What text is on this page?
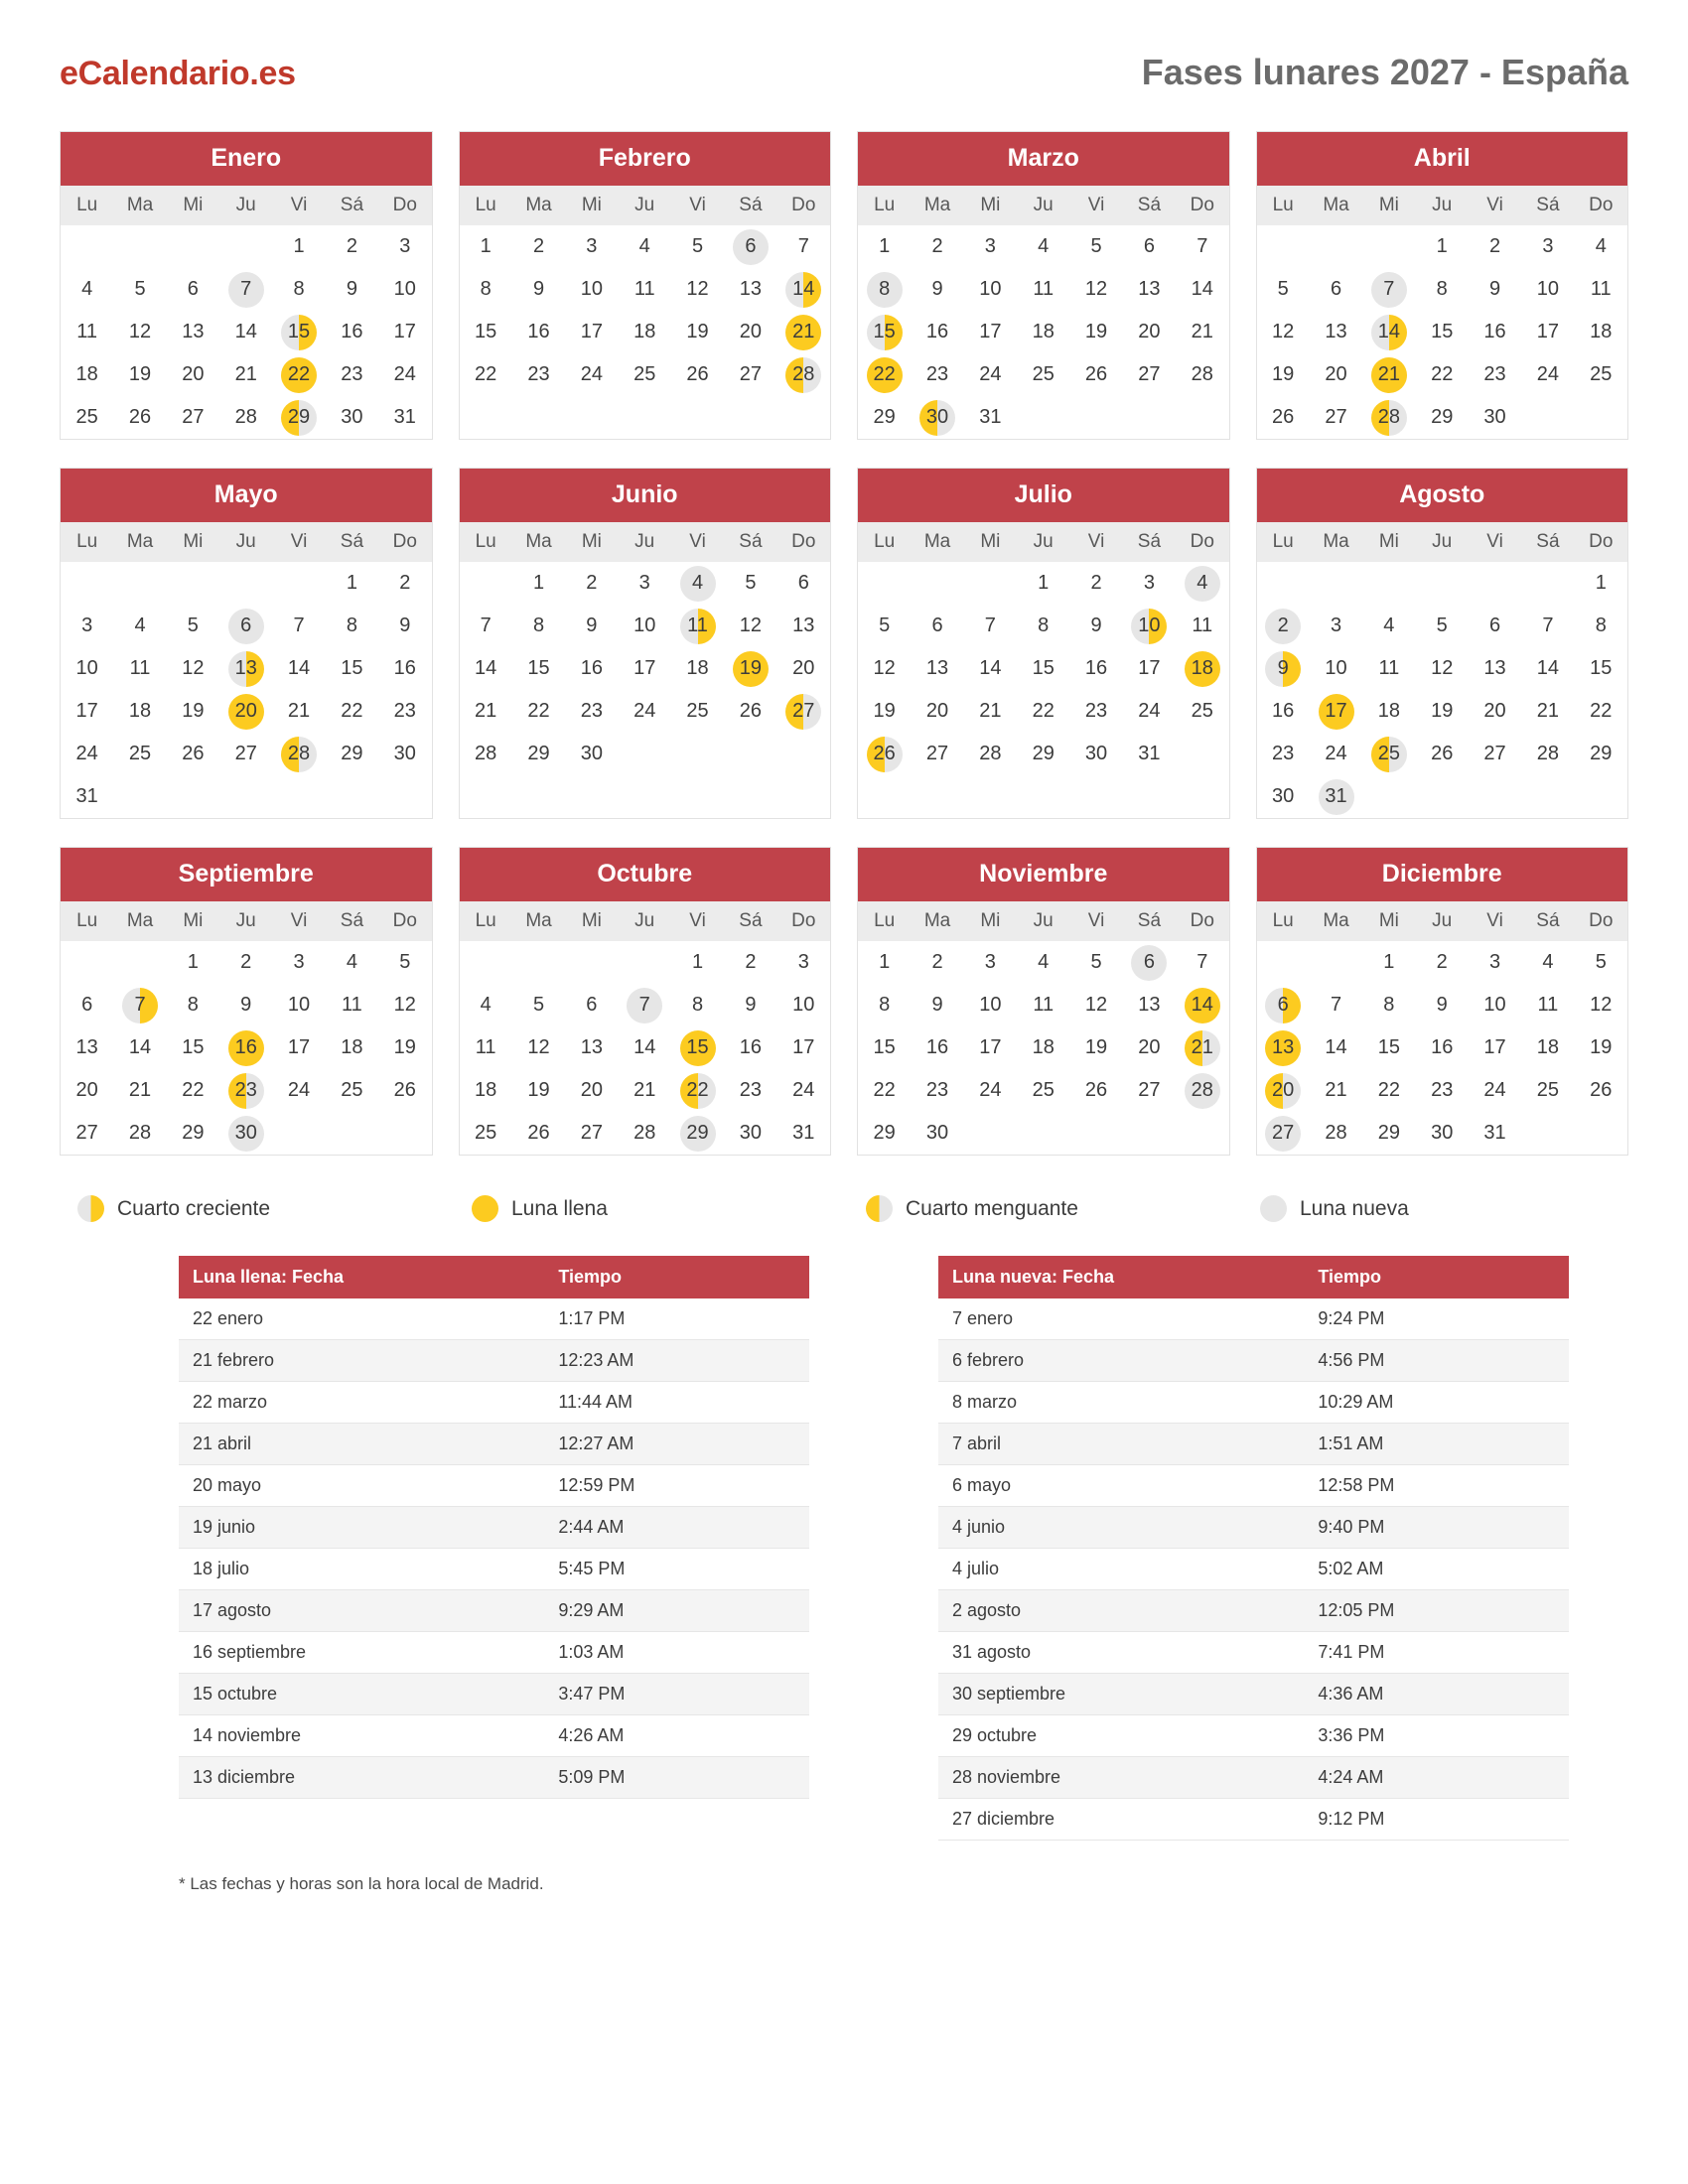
eCalendario.es	Fases lunares 2027 - España
Enero
Lu	Ma	Mi	Ju	Vi	Sá	Do

				1	2	3

4	5	6	7	8	9	10

11	12	13	14	15	16	17

18	19	20	21	22	23	24

25	26	27	28	29	30	31
Febrero
Lu	Ma	Mi	Ju	Vi	Sá	Do

1	2	3	4	5	6	7

8	9	10	11	12	13	14

15	16	17	18	19	20	21

22	23	24	25	26	27	28
Marzo
Lu	Ma	Mi	Ju	Vi	Sá	Do

1	2	3	4	5	6	7

8	9	10	11	12	13	14

15	16	17	18	19	20	21

22	23	24	25	26	27	28

29	30	31				

Abril
Lu	Ma	Mi	Ju	Vi	Sá	Do

			1	2	3	4

5	6	7	8	9	10	11

12	13	14	15	16	17	18

19	20	21	22	23	24	25

26	27	28	29	30		

Mayo
Lu	Ma	Mi	Ju	Vi	Sá	Do

					1	2

3	4	5	6	7	8	9

10	11	12	13	14	15	16

17	18	19	20	21	22	23

24	25	26	27	28	29	30

31						

Junio
Lu	Ma	Mi	Ju	Vi	Sá	Do

	1	2	3	4	5	6

7	8	9	10	11	12	13

14	15	16	17	18	19	20

21	22	23	24	25	26	27

28	29	30				

Julio
Lu	Ma	Mi	Ju	Vi	Sá	Do

			1	2	3	4

5	6	7	8	9	10	11

12	13	14	15	16	17	18

19	20	21	22	23	24	25

26	27	28	29	30	31	

Agosto
Lu	Ma	Mi	Ju	Vi	Sá	Do

						1

2	3	4	5	6	7	8

9	10	11	12	13	14	15

16	17	18	19	20	21	22

23	24	25	26	27	28	29

30	31					

Septiembre
Lu	Ma	Mi	Ju	Vi	Sá	Do

		1	2	3	4	5

6	7	8	9	10	11	12

13	14	15	16	17	18	19

20	21	22	23	24	25	26

27	28	29	30			

Octubre
Lu	Ma	Mi	Ju	Vi	Sá	Do

				1	2	3

4	5	6	7	8	9	10

11	12	13	14	15	16	17

18	19	20	21	22	23	24

25	26	27	28	29	30	31
Noviembre
Lu	Ma	Mi	Ju	Vi	Sá	Do

1	2	3	4	5	6	7

8	9	10	11	12	13	14

15	16	17	18	19	20	21

22	23	24	25	26	27	28

29	30					

Diciembre
Lu	Ma	Mi	Ju	Vi	Sá	Do

		1	2	3	4	5

6	7	8	9	10	11	12

13	14	15	16	17	18	19

20	21	22	23	24	25	26

27	28	29	30	31		

Cuarto creciente	Luna llena	Cuarto menguante	Luna nueva
Luna llena: Fecha	Tiempo
22 enero	1:17 PM
21 febrero	12:23 AM
22 marzo	11:44 AM
21 abril	12:27 AM
20 mayo	12:59 PM
19 junio	2:44 AM
18 julio	5:45 PM
17 agosto	9:29 AM
16 septiembre	1:03 AM
15 octubre	3:47 PM
14 noviembre	4:26 AM
13 diciembre	5:09 PM
Luna nueva: Fecha	Tiempo
7 enero	9:24 PM
6 febrero	4:56 PM
8 marzo	10:29 AM
7 abril	1:51 AM
6 mayo	12:58 PM
4 junio	9:40 PM
4 julio	5:02 AM
2 agosto	12:05 PM
31 agosto	7:41 PM
30 septiembre	4:36 AM
29 octubre	3:36 PM
28 noviembre	4:24 AM
27 diciembre	9:12 PM
* Las fechas y horas son la hora local de Madrid.
